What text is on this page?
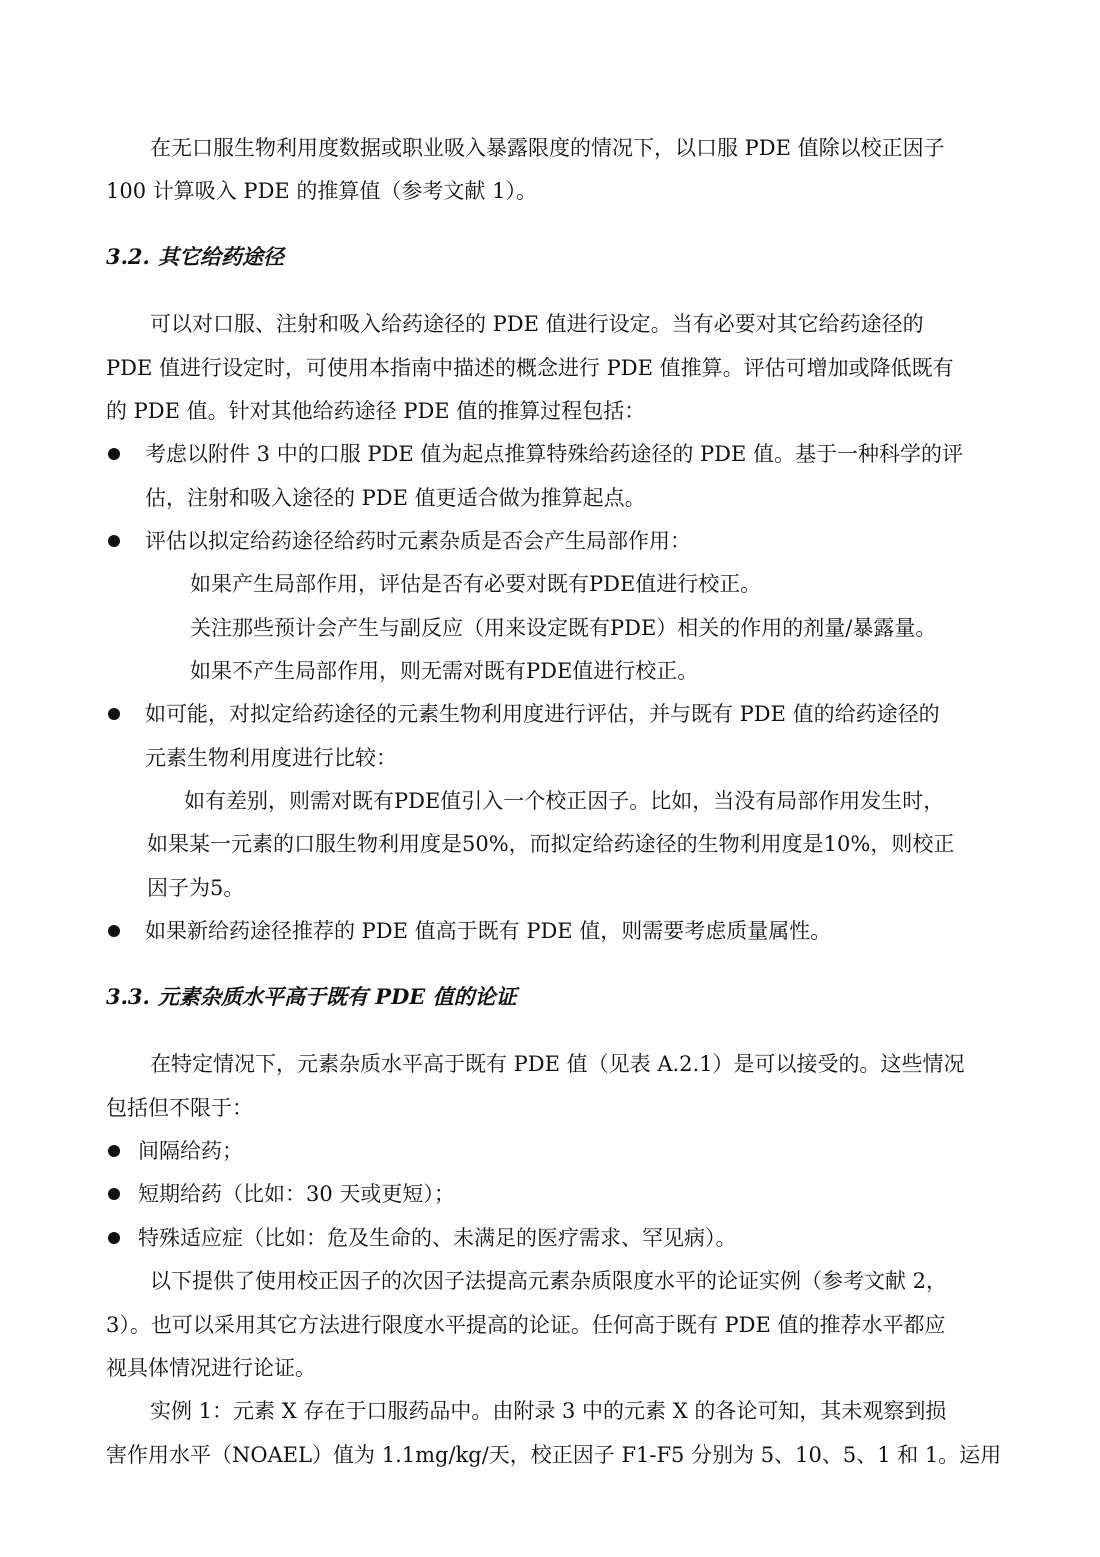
在无口服生物利用度数据或职业吸入暴露限度的情况下，以口服 PDE 值除以校正因子
100 计算吸入 PDE 的推算值（参考文献 1）。
3.2. 其它给药途径
可以对口服、注射和吸入给药途径的 PDE 值进行设定。当有必要对其它给药途径的
PDE 值进行设定时，可使用本指南中描述的概念进行 PDE 值推算。评估可增加或降低既有
的 PDE 值。针对其他给药途径 PDE 值的推算过程包括：
考虑以附件 3 中的口服 PDE 值为起点推算特殊给药途径的 PDE 值。基于一种科学的评
估，注射和吸入途径的 PDE 值更适合做为推算起点。
评估以拟定给药途径给药时元素杂质是否会产生局部作用：
如果产生局部作用，评估是否有必要对既有PDE值进行校正。
关注那些预计会产生与副反应（用来设定既有PDE）相关的作用的剂量/暴露量。
如果不产生局部作用，则无需对既有PDE值进行校正。
如可能，对拟定给药途径的元素生物利用度进行评估，并与既有 PDE 值的给药途径的
元素生物利用度进行比较：
如有差别，则需对既有PDE值引入一个校正因子。比如，当没有局部作用发生时，
如果某一元素的口服生物利用度是50%，而拟定给药途径的生物利用度是10%，则校正
因子为5。
如果新给药途径推荐的 PDE 值高于既有 PDE 值，则需要考虑质量属性。
3.3. 元素杂质水平高于既有 PDE 值的论证
在特定情况下，元素杂质水平高于既有 PDE 值（见表 A.2.1）是可以接受的。这些情况
包括但不限于：
间隔给药；
短期给药（比如：30 天或更短）；
特殊适应症（比如：危及生命的、未满足的医疗需求、罕见病）。
以下提供了使用校正因子的次因子法提高元素杂质限度水平的论证实例（参考文献 2，
3）。也可以采用其它方法进行限度水平提高的论证。任何高于既有 PDE 值的推荐水平都应
视具体情况进行论证。
实例 1：元素 X 存在于口服药品中。由附录 3 中的元素 X 的各论可知，其未观察到损
害作用水平（NOAEL）值为 1.1mg/kg/天，校正因子 F1-F5 分别为 5、10、5、1 和 1。运用
